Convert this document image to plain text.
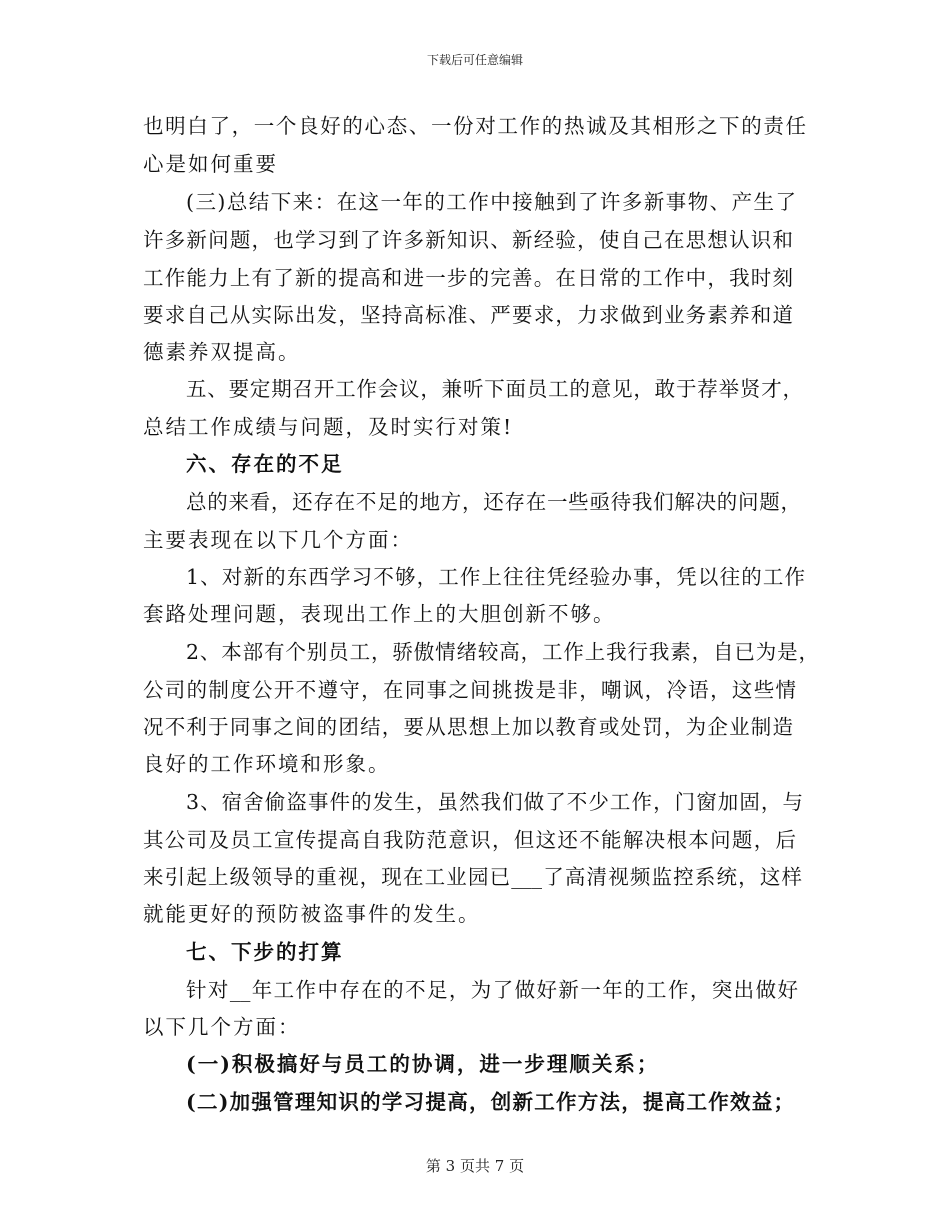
下载后可任意编辑
也明白了，一个良好的心态、一份对工作的热诚及其相形之下的责任
心是如何重要
(三)总结下来：在这一年的工作中接触到了许多新事物、产生了
许多新问题，也学习到了许多新知识、新经验，使自己在思想认识和
工作能力上有了新的提高和进一步的完善。在日常的工作中，我时刻
要求自己从实际出发，坚持高标准、严要求，力求做到业务素养和道
德素养双提高。
五、要定期召开工作会议，兼听下面员工的意见，敢于荐举贤才，
总结工作成绩与问题，及时实行对策!
六、存在的不足
总的来看，还存在不足的地方，还存在一些亟待我们解决的问题，
主要表现在以下几个方面：
1、对新的东西学习不够，工作上往往凭经验办事，凭以往的工作
套路处理问题，表现出工作上的大胆创新不够。
2、本部有个别员工，骄傲情绪较高，工作上我行我素，自已为是，
公司的制度公开不遵守，在同事之间挑拨是非，嘲讽，冷语，这些情
况不利于同事之间的团结，要从思想上加以教育或处罚，为企业制造
良好的工作环境和形象。
3、宿舍偷盗事件的发生，虽然我们做了不少工作，门窗加固，与
其公司及员工宣传提高自我防范意识，但这还不能解决根本问题，后
来引起上级领导的重视，现在工业园已___了高清视频监控系统，这样
就能更好的预防被盗事件的发生。
七、下步的打算
针对__年工作中存在的不足，为了做好新一年的工作，突出做好
以下几个方面：
(一)积极搞好与员工的协调，进一步理顺关系；
(二)加强管理知识的学习提高，创新工作方法，提高工作效益；
第 3 页共 7 页
